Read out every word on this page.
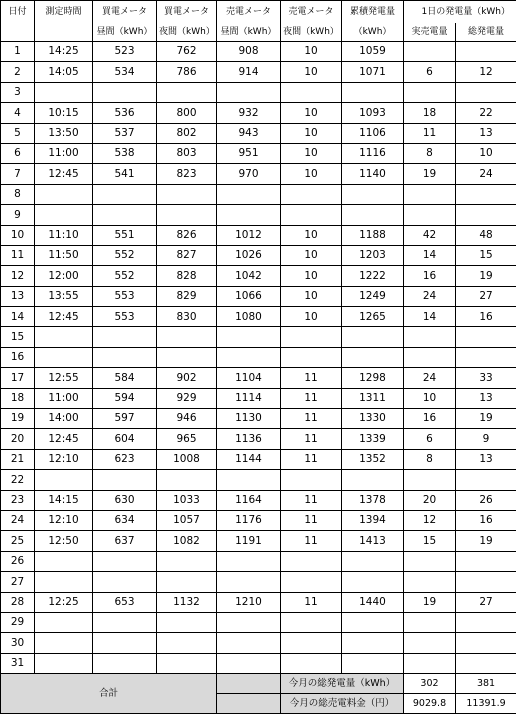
日付	測定時間	買電メータ	買電メータ	売電メータ	売電メータ	累積発電量	1日の発電量（kWh）	
		昼間（kWh）	夜間（kWh）	昼間（kWh）	夜間（kWh）	（kWh）	実売電量	総発電量
1	14:25	523	762	908	10	1059		
2	14:05	534	786	914	10	1071	6	12
3								
4	10:15	536	800	932	10	1093	18	22
5	13:50	537	802	943	10	1106	11	13
6	11:00	538	803	951	10	1116	8	10
7	12:45	541	823	970	10	1140	19	24
8								
9								
10	11:10	551	826	1012	10	1188	42	48
11	11:50	552	827	1026	10	1203	14	15
12	12:00	552	828	1042	10	1222	16	19
13	13:55	553	829	1066	10	1249	24	27
14	12:45	553	830	1080	10	1265	14	16
15								
16								
17	12:55	584	902	1104	11	1298	24	33
18	11:00	594	929	1114	11	1311	10	13
19	14:00	597	946	1130	11	1330	16	19
20	12:45	604	965	1136	11	1339	6	9
21	12:10	623	1008	1144	11	1352	8	13
22								
23	14:15	630	1033	1164	11	1378	20	26
24	12:10	634	1057	1176	11	1394	12	16
25	12:50	637	1082	1191	11	1413	15	19
26								
27								
28	12:25	653	1132	1210	11	1440	19	27
29								
30								
31								
合計					今月の総発電量（kWh）		302	381
					今月の総売電料金（円）		9029.8	11391.9
